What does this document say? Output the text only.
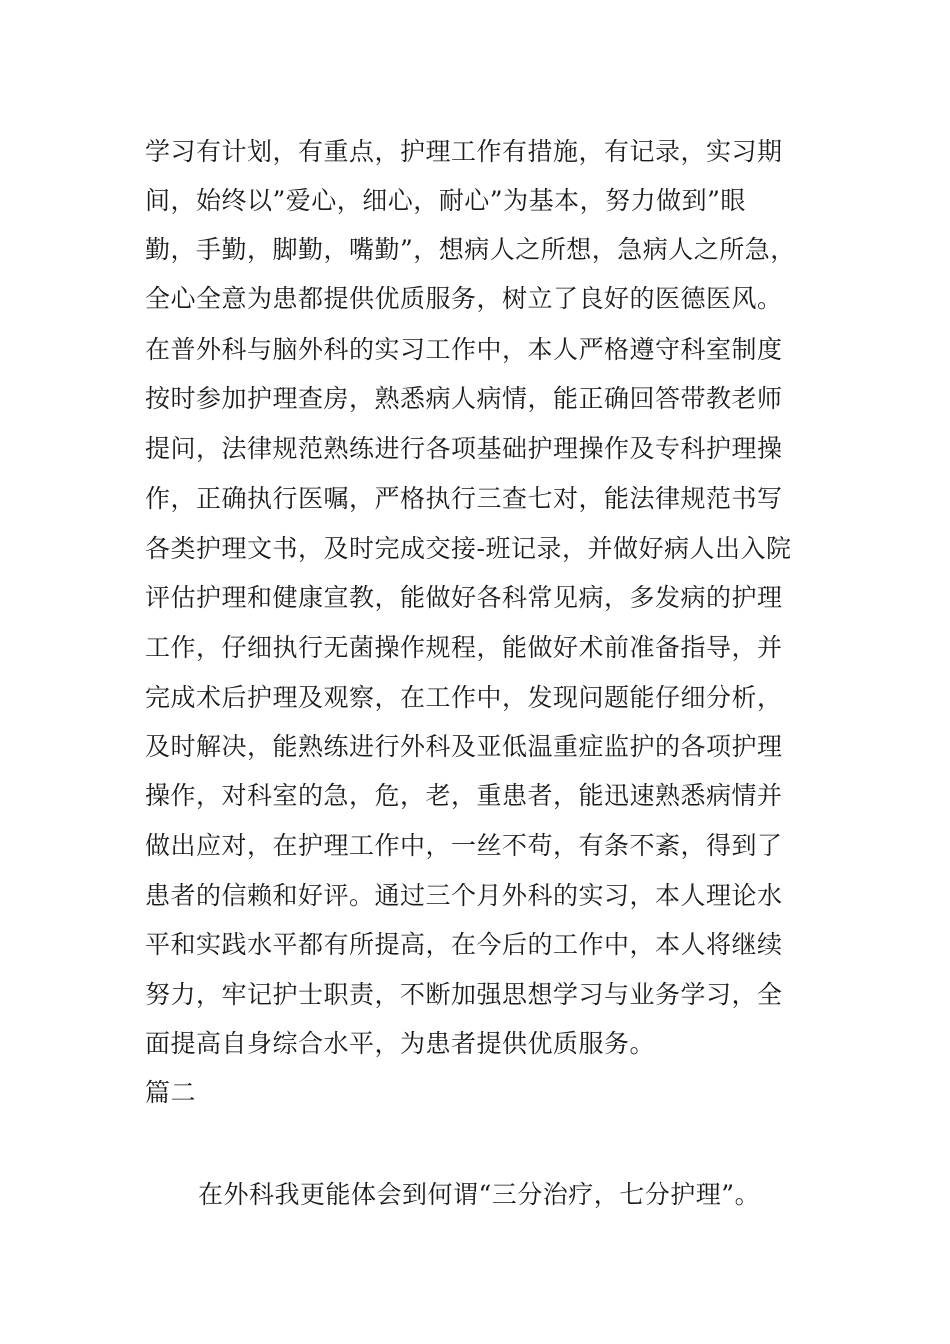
学习有计划，有重点，护理工作有措施，有记录，实习期
间，始终以”爱心，细心，耐心”为基本，努力做到”眼
勤，手勤，脚勤，嘴勤”，想病人之所想，急病人之所急，
全心全意为患都提供优质服务，树立了良好的医德医风。
在普外科与脑外科的实习工作中，本人严格遵守科室制度
按时参加护理查房，熟悉病人病情，能正确回答带教老师
提问，法律规范熟练进行各项基础护理操作及专科护理操
作，正确执行医嘱，严格执行三查七对，能法律规范书写
各类护理文书，及时完成交接-班记录，并做好病人出入院
评估护理和健康宣教，能做好各科常见病，多发病的护理
工作，仔细执行无菌操作规程，能做好术前准备指导，并
完成术后护理及观察，在工作中，发现问题能仔细分析，
及时解决，能熟练进行外科及亚低温重症监护的各项护理
操作，对科室的急，危，老，重患者，能迅速熟悉病情并
做出应对，在护理工作中，一丝不苟，有条不紊，得到了
患者的信赖和好评。通过三个月外科的实习，本人理论水
平和实践水平都有所提高，在今后的工作中，本人将继续
努力，牢记护士职责，不断加强思想学习与业务学习，全
面提高自身综合水平，为患者提供优质服务。
篇二
在外科我更能体会到何谓“三分治疗，七分护理”。
